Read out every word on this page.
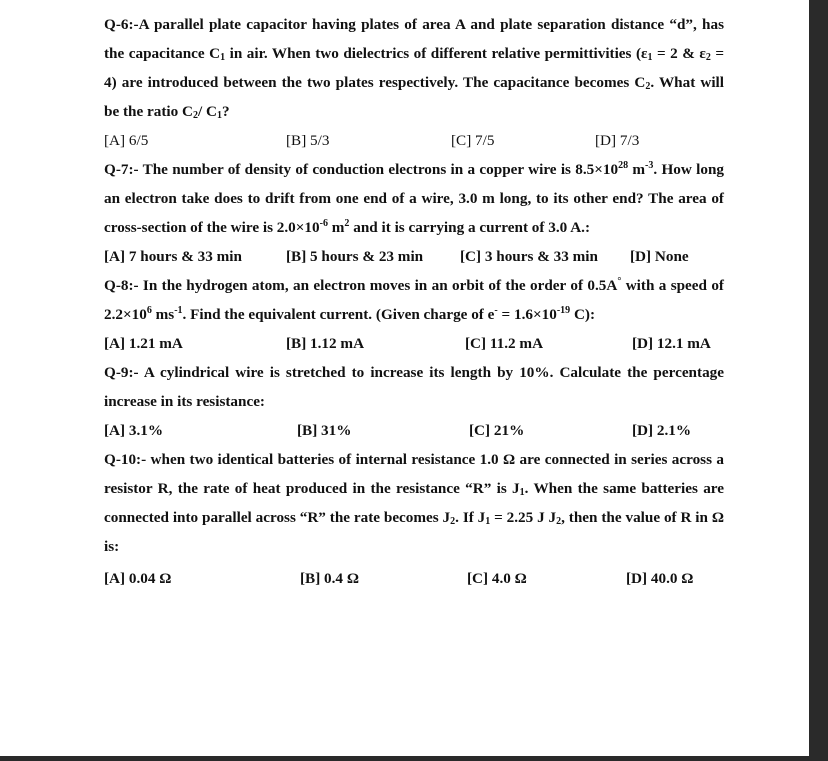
Q-6:-A parallel plate capacitor having plates of area A and plate separation distance “d”, has the capacitance $C_1$ in air. When two dielectrics of different relative permittivities ($\varepsilon_1 = 2$ & $\varepsilon_2 = 4$) are introduced between the two plates respectively. The capacitance becomes $C_2$. What will be the ratio $C_2/$ $C_1$?

[A] 6/5	[B] 5/3	[C] 7/5	[D] 7/3

Q-7:- The number of density of conduction electrons in a copper wire is $8.5\times 10^{28}$ $m^{-3}$. How long an electron take does to drift from one end of a wire, 3.0 m long, to its other end? The area of cross-section of the wire is $2.0\times 10^{-6}$ $m^2$ and it is carrying a current of 3.0 A.:

[A] 7 hours & 33 min	[B] 5 hours & 23 min [C] 3 hours & 33 min [D] None

Q-8:- In the hydrogen atom, an electron moves in an orbit of the order of 0.5A° with a speed of $2.2\times 10^6$ $ms^{-1}$. Find the equivalent current. (Given charge of $e^- = 1.6\times 10^{-19}$ C):

[A] 1.21 mA	[B] 1.12 mA	[C] 11.2 mA	[D] 12.1 mA

Q-9:- A cylindrical wire is stretched to increase its length by 10%. Calculate the percentage increase in its resistance:

[A] 3.1%	[B] 31%	[C] 21%	[D] 2.1%

Q-10:- when two identical batteries of internal resistance 1.0 Ω are connected in series across a resistor R, the rate of heat produced in the resistance “R” is $J_1$. When the same batteries are connected into parallel across “R” the rate becomes $J_2$. If $J_1 = 2.25$ J $J_2$, then the value of R in Ω is:

[A] 0.04 Ω	[B] 0.4 Ω	[C] 4.0 Ω	[D] 40.0 Ω
